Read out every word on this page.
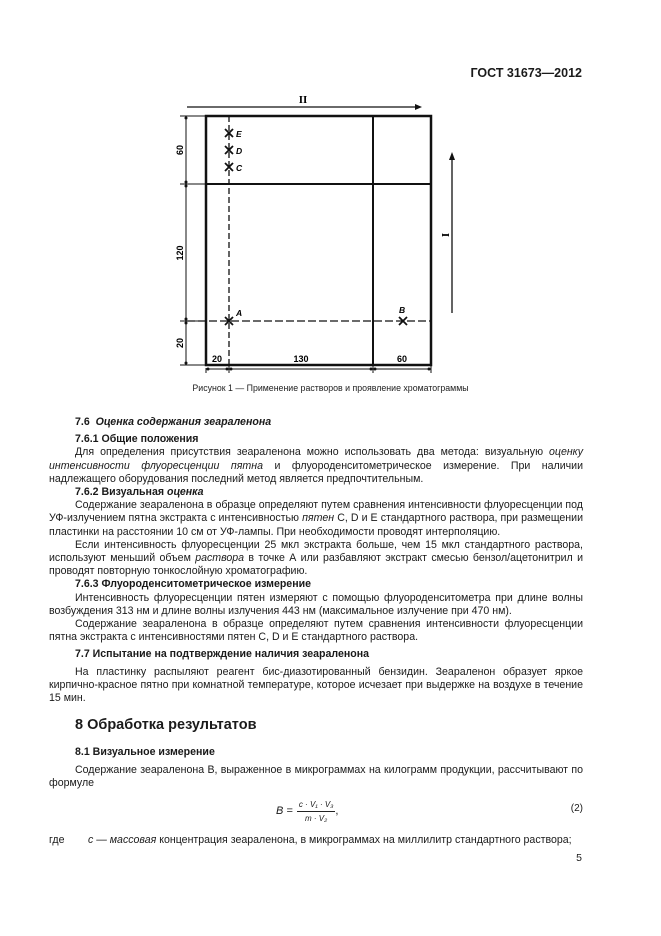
ГОСТ 31673—2012
II
60
120
20
20	130	60
I
E
D
C
A	B
Рисунок 1 — Применение растворов и проявление хроматограммы

7.6 Оценка содержания зеараленона

7.6.1 Общие положения

Для определения присутствия зеараленона можно использовать два метода: визуальную оценку интенсивности флуоресценции пятна и флуороденситометрическое измерение. При наличии надлежащего оборудования последний метод является предпочтительным.

7.6.2 Визуальная оценка

Содержание зеараленона в образце определяют путем сравнения интенсивности флуоресценции под УФ-излучением пятна экстракта с интенсивностью пятен С, D и Е стандартного раствора, при размещении пластинки на расстоянии 10 см от УФ-лампы. При необходимости проводят интерполяцию.

Если интенсивность флуоресценции 25 мкл экстракта больше, чем 15 мкл стандартного раствора, используют меньший объем раствора в точке А или разбавляют экстракт смесью бензол/ацетонитрил и проводят повторную тонкослойную хроматографию.

7.6.3 Флуороденситометрическое измерение

Интенсивность флуоресценции пятен измеряют с помощью флуороденситометра при длине волны возбуждения 313 нм и длине волны излучения 443 нм (максимальное излучение при 470 нм).

Содержание зеараленона в образце определяют путем сравнения интенсивности флуоресценции пятна экстракта с интенсивностями пятен С, D и Е стандартного раствора.

7.7 Испытание на подтверждение наличия зеараленона

На пластинку распыляют реагент бис-диазотированный бензидин. Зеараленон образует яркое кирпично-красное пятно при комнатной температуре, которое исчезает при выдержке на воздухе в течение 15 мин.

8 Обработка результатов

8.1 Визуальное измерение

Содержание зеараленона В, выраженное в микрограммах на килограмм продукции, рассчитывают по формуле

$B = \frac{\text{c · V₁ · V₃}}{\text{m · V₂}}$ ,	(2)
где	c — массовая концентрация зеараленона, в микрограммах на миллилитр стандартного раствора;
5
